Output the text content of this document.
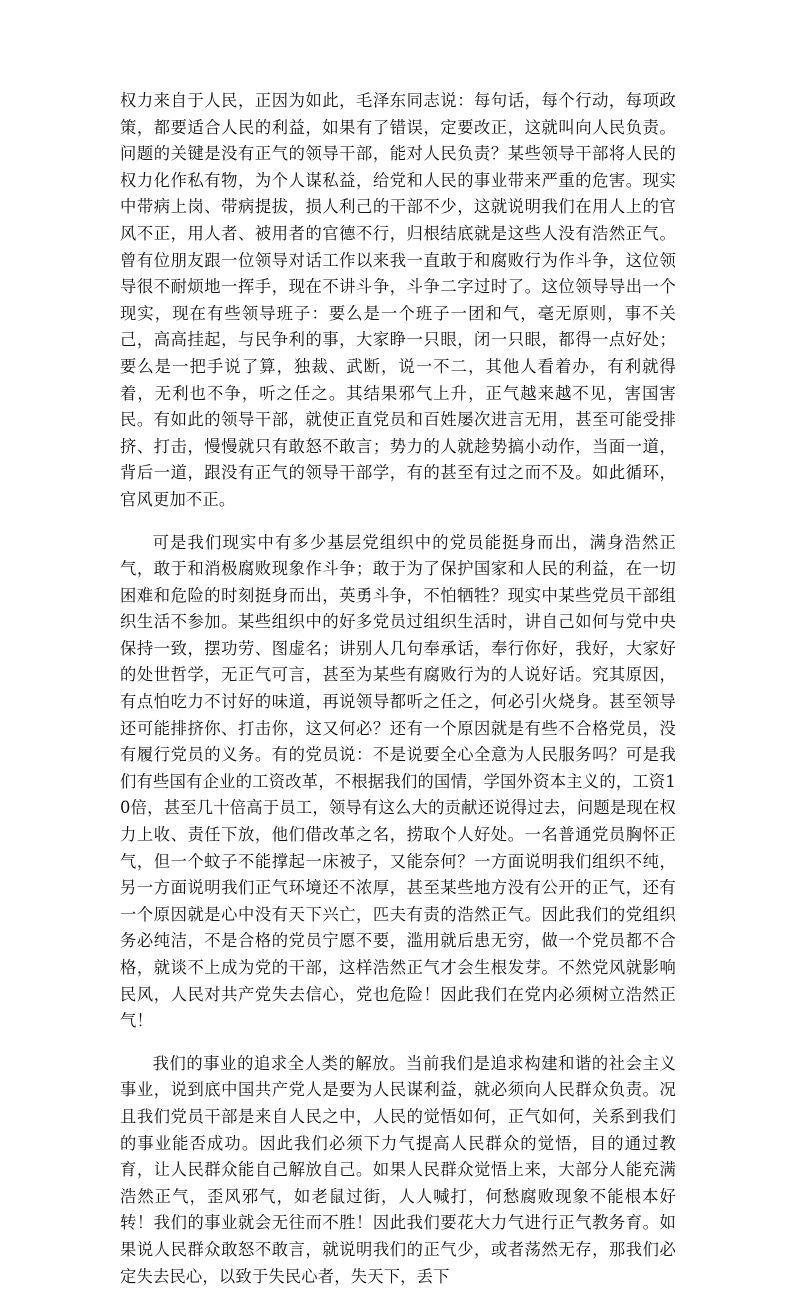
权力来自于人民，正因为如此，毛泽东同志说：每句话，每个行动，每项政策，都要适合人民的利益，如果有了错误，定要改正，这就叫向人民负责。问题的关键是没有正气的领导干部，能对人民负责？某些领导干部将人民的权力化作私有物，为个人谋私益，给党和人民的事业带来严重的危害。现实中带病上岗、带病提拔，损人利己的干部不少，这就说明我们在用人上的官风不正，用人者、被用者的官德不行，归根结底就是这些人没有浩然正气。曾有位朋友跟一位领导对话工作以来我一直敢于和腐败行为作斗争，这位领导很不耐烦地一挥手，现在不讲斗争，斗争二字过时了。这位领导导出一个现实，现在有些领导班子：要么是一个班子一团和气，毫无原则，事不关己，高高挂起，与民争利的事，大家睁一只眼，闭一只眼，都得一点好处；要么是一把手说了算，独裁、武断，说一不二，其他人看着办，有利就得着，无利也不争，听之任之。其结果邪气上升，正气越来越不见，害国害民。有如此的领导干部，就使正直党员和百姓屡次进言无用，甚至可能受排挤、打击，慢慢就只有敢怒不敢言；势力的人就趁势搞小动作，当面一道，背后一道，跟没有正气的领导干部学，有的甚至有过之而不及。如此循环，官风更加不正。

可是我们现实中有多少基层党组织中的党员能挺身而出，满身浩然正气，敢于和消极腐败现象作斗争；敢于为了保护国家和人民的利益，在一切困难和危险的时刻挺身而出，英勇斗争，不怕牺牲？现实中某些党员干部组织生活不参加。某些组织中的好多党员过组织生活时，讲自己如何与党中央保持一致，摆功劳、图虚名；讲别人几句奉承话，奉行你好，我好，大家好的处世哲学，无正气可言，甚至为某些有腐败行为的人说好话。究其原因，有点怕吃力不讨好的味道，再说领导都听之任之，何必引火烧身。甚至领导还可能排挤你、打击你，这又何必？还有一个原因就是有些不合格党员，没有履行党员的义务。有的党员说：不是说要全心全意为人民服务吗？可是我们有些国有企业的工资改革，不根据我们的国情，学国外资本主义的，工资10倍，甚至几十倍高于员工，领导有这么大的贡献还说得过去，问题是现在权力上收、责任下放，他们借改革之名，捞取个人好处。一名普通党员胸怀正气，但一个蚊子不能撑起一床被子，又能奈何？一方面说明我们组织不纯，另一方面说明我们正气环境还不浓厚，甚至某些地方没有公开的正气，还有一个原因就是心中没有天下兴亡，匹夫有责的浩然正气。因此我们的党组织务必纯洁，不是合格的党员宁愿不要，滥用就后患无穷，做一个党员都不合格，就谈不上成为党的干部，这样浩然正气才会生根发芽。不然党风就影响民风，人民对共产党失去信心，党也危险！因此我们在党内必须树立浩然正气！

我们的事业的追求全人类的解放。当前我们是追求构建和谐的社会主义事业，说到底中国共产党人是要为人民谋利益，就必须向人民群众负责。况且我们党员干部是来自人民之中，人民的觉悟如何，正气如何，关系到我们的事业能否成功。因此我们必须下力气提高人民群众的觉悟，目的通过教育，让人民群众能自己解放自己。如果人民群众觉悟上来，大部分人能充满浩然正气，歪风邪气，如老鼠过街，人人喊打，何愁腐败现象不能根本好转！我们的事业就会无往而不胜！因此我们要花大力气进行正气教务育。如果说人民群众敢怒不敢言，就说明我们的正气少，或者荡然无存，那我们必定失去民心，以致于失民心者，失天下，丢下
